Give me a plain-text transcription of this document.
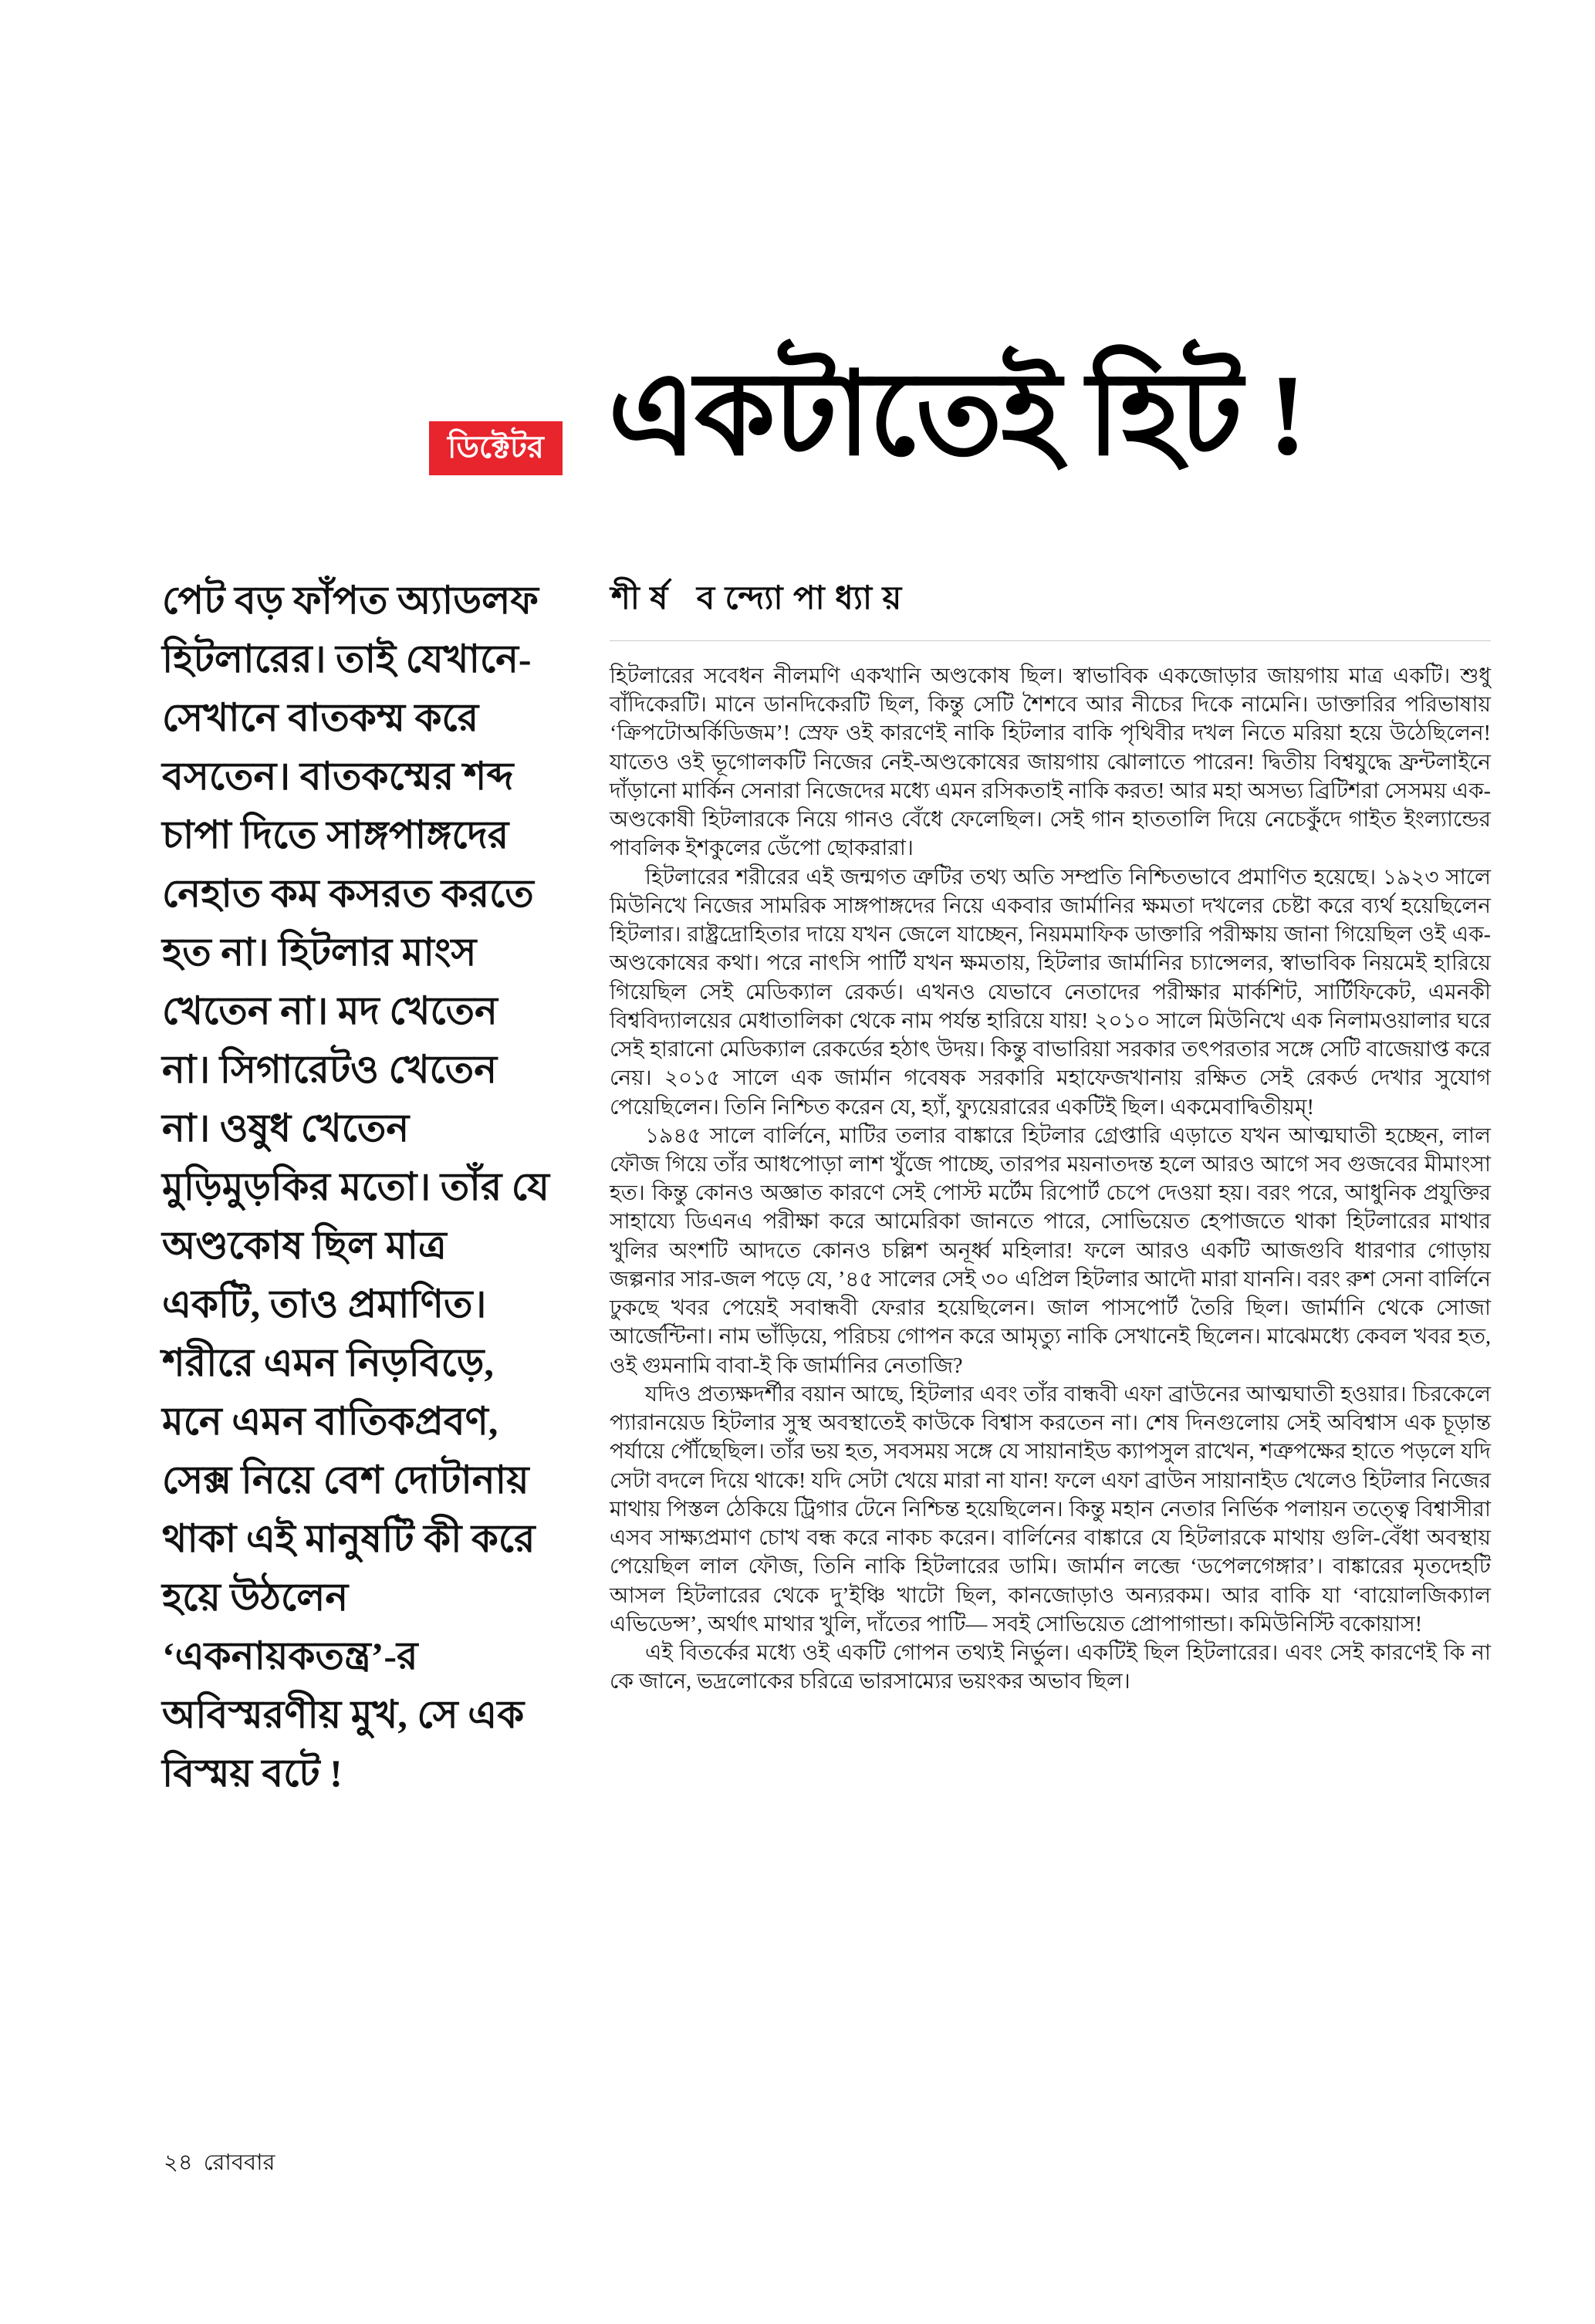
ডিক্টেটর একটাতেই হিট !
শীর্ষ বন্দ্যোপাধ্যায়
পেট বড় ফাঁপত অ্যাডলফ হিটলারের। তাই যেখানে-সেখানে বাতকম্ম করে বসতেন। বাতকম্মের শব্দ চাপা দিতে সাঙ্গপাঙ্গদের নেহাত কম কসরত করতে হত না। হিটলার মাংস খেতেন না। মদ খেতেন না। সিগারেটও খেতেন না। ওষুধ খেতেন মুড়িমুড়কির মতো। তাঁর যে অণ্ডকোষ ছিল মাত্র একটি, তাও প্রমাণিত। শরীরে এমন নিড়বিড়ে, মনে এমন বাতিকপ্রবণ, সেক্স নিয়ে বেশ দোটানায় থাকা এই মানুষটি কী করে হয়ে উঠলেন ‘একনায়কতন্ত্র’-র অবিস্মরণীয় মুখ, সে এক বিস্ময় বটে !

হিটলারের সবেধন নীলমণি একখানি অণ্ডকোষ ছিল। স্বাভাবিক একজোড়ার জায়গায় মাত্র একটি। শুধু বাঁদিকেরটি। মানে ডানদিকেরটি ছিল, কিন্তু সেটি শৈশবে আর নীচের দিকে নামেনি। ডাক্তারির পরিভাষায় ‘ক্রিপটোঅর্কিডিজম’! স্রেফ ওই কারণেই নাকি হিটলার বাকি পৃথিবীর দখল নিতে মরিয়া হয়ে উঠেছিলেন! যাতেও ওই ভূগোলকটি নিজের নেই-অণ্ডকোষের জায়গায় ঝোলাতে পারেন! দ্বিতীয় বিশ্বযুদ্ধে ফ্রন্টলাইনে দাঁড়ানো মার্কিন সেনারা নিজেদের মধ্যে এমন রসিকতাই নাকি করত! আর মহা অসভ্য ব্রিটিশরা সেসময় এক-অণ্ডকোষী হিটলারকে নিয়ে গানও বেঁধে ফেলেছিল। সেই গান হাততালি দিয়ে নেচেকুঁদে গাইত ইংল্যান্ডের পাবলিক ইশকুলের ডেঁপো ছোকরারা।

হিটলারের শরীরের এই জন্মগত ত্রুটির তথ্য অতি সম্প্রতি নিশ্চিতভাবে প্রমাণিত হয়েছে। ১৯২৩ সালে মিউনিখে নিজের সামরিক সাঙ্গপাঙ্গদের নিয়ে একবার জার্মানির ক্ষমতা দখলের চেষ্টা করে ব্যর্থ হয়েছিলেন হিটলার। রাষ্ট্রদ্রোহিতার দায়ে যখন জেলে যাচ্ছেন, নিয়মমাফিক ডাক্তারি পরীক্ষায় জানা গিয়েছিল ওই এক-অণ্ডকোষের কথা। পরে নাৎসি পার্টি যখন ক্ষমতায়, হিটলার জার্মানির চ্যান্সেলর, স্বাভাবিক নিয়মেই হারিয়ে গিয়েছিল সেই মেডিক্যাল রেকর্ড। এখনও যেভাবে নেতাদের পরীক্ষার মার্কশিট, সার্টিফিকেট, এমনকী বিশ্ববিদ্যালয়ের মেধাতালিকা থেকে নাম পর্যন্ত হারিয়ে যায়! ২০১০ সালে মিউনিখে এক নিলামওয়ালার ঘরে সেই হারানো মেডিক্যাল রেকর্ডের হঠাৎ উদয়। কিন্তু বাভারিয়া সরকার তৎপরতার সঙ্গে সেটি বাজেয়াপ্ত করে নেয়। ২০১৫ সালে এক জার্মান গবেষক সরকারি মহাফেজখানায় রক্ষিত সেই রেকর্ড দেখার সুযোগ পেয়েছিলেন। তিনি নিশ্চিত করেন যে, হ্যাঁ, ফ্যুয়েরারের একটিই ছিল। একমেবাদ্বিতীয়ম্!

১৯৪৫ সালে বার্লিনে, মাটির তলার বাঙ্কারে হিটলার গ্রেপ্তারি এড়াতে যখন আত্মঘাতী হচ্ছেন, লাল ফৌজ গিয়ে তাঁর আধপোড়া লাশ খুঁজে পাচ্ছে, তারপর ময়নাতদন্ত হলে আরও আগে সব গুজবের মীমাংসা হত। কিন্তু কোনও অজ্ঞাত কারণে সেই পোস্ট মর্টেম রিপোর্ট চেপে দেওয়া হয়। বরং পরে, আধুনিক প্রযুক্তির সাহায্যে ডিএনএ পরীক্ষা করে আমেরিকা জানতে পারে, সোভিয়েত হেপাজতে থাকা হিটলারের মাথার খুলির অংশটি আদতে কোনও চল্লিশ অনূর্ধ্ব মহিলার! ফলে আরও একটি আজগুবি ধারণার গোড়ায় জল্পনার সার-জল পড়ে যে, ’৪৫ সালের সেই ৩০ এপ্রিল হিটলার আদৌ মারা যাননি। বরং রুশ সেনা বার্লিনে ঢুকছে খবর পেয়েই সবান্ধবী ফেরার হয়েছিলেন। জাল পাসপোর্ট তৈরি ছিল। জার্মানি থেকে সোজা আর্জেন্টিনা। নাম ভাঁড়িয়ে, পরিচয় গোপন করে আমৃত্যু নাকি সেখানেই ছিলেন। মাঝেমধ্যে কেবল খবর হত, ওই গুমনামি বাবা-ই কি জার্মানির নেতাজি?

যদিও প্রত্যক্ষদর্শীর বয়ান আছে, হিটলার এবং তাঁর বান্ধবী এফা ব্রাউনের আত্মঘাতী হওয়ার। চিরকেলে প্যারানয়েড হিটলার সুস্থ অবস্থাতেই কাউকে বিশ্বাস করতেন না। শেষ দিনগুলোয় সেই অবিশ্বাস এক চূড়ান্ত পর্যায়ে পৌঁছেছিল। তাঁর ভয় হত, সবসময় সঙ্গে যে সায়ানাইড ক্যাপসুল রাখেন, শত্রুপক্ষের হাতে পড়লে যদি সেটা বদলে দিয়ে থাকে! যদি সেটা খেয়ে মারা না যান! ফলে এফা ব্রাউন সায়ানাইড খেলেও হিটলার নিজের মাথায় পিস্তল ঠেকিয়ে ট্রিগার টেনে নিশ্চিন্ত হয়েছিলেন। কিন্তু মহান নেতার নির্ভিক পলায়ন তত্ত্বে বিশ্বাসীরা এসব সাক্ষ্যপ্রমাণ চোখ বন্ধ করে নাকচ করেন। বার্লিনের বাঙ্কারে যে হিটলারকে মাথায় গুলি-বেঁধা অবস্থায় পেয়েছিল লাল ফৌজ, তিনি নাকি হিটলারের ডামি। জার্মান লব্জে ‘ডপেলগেঙ্গার’। বাঙ্কারের মৃতদেহটি আসল হিটলারের থেকে দু’ইঞ্চি খাটো ছিল, কানজোড়াও অন্যরকম। আর বাকি যা ‘বায়োলজিক্যাল এভিডেন্স’, অর্থাৎ মাথার খুলি, দাঁতের পাটি— সবই সোভিয়েত প্রোপাগান্ডা। কমিউনিস্টি বকোয়াস!

এই বিতর্কের মধ্যে ওই একটি গোপন তথ্যই নির্ভুল। একটিই ছিল হিটলারের। এবং সেই কারণেই কি না কে জানে, ভদ্রলোকের চরিত্রে ভারসাম্যের ভয়ংকর অভাব ছিল।

২৪ রোববার
